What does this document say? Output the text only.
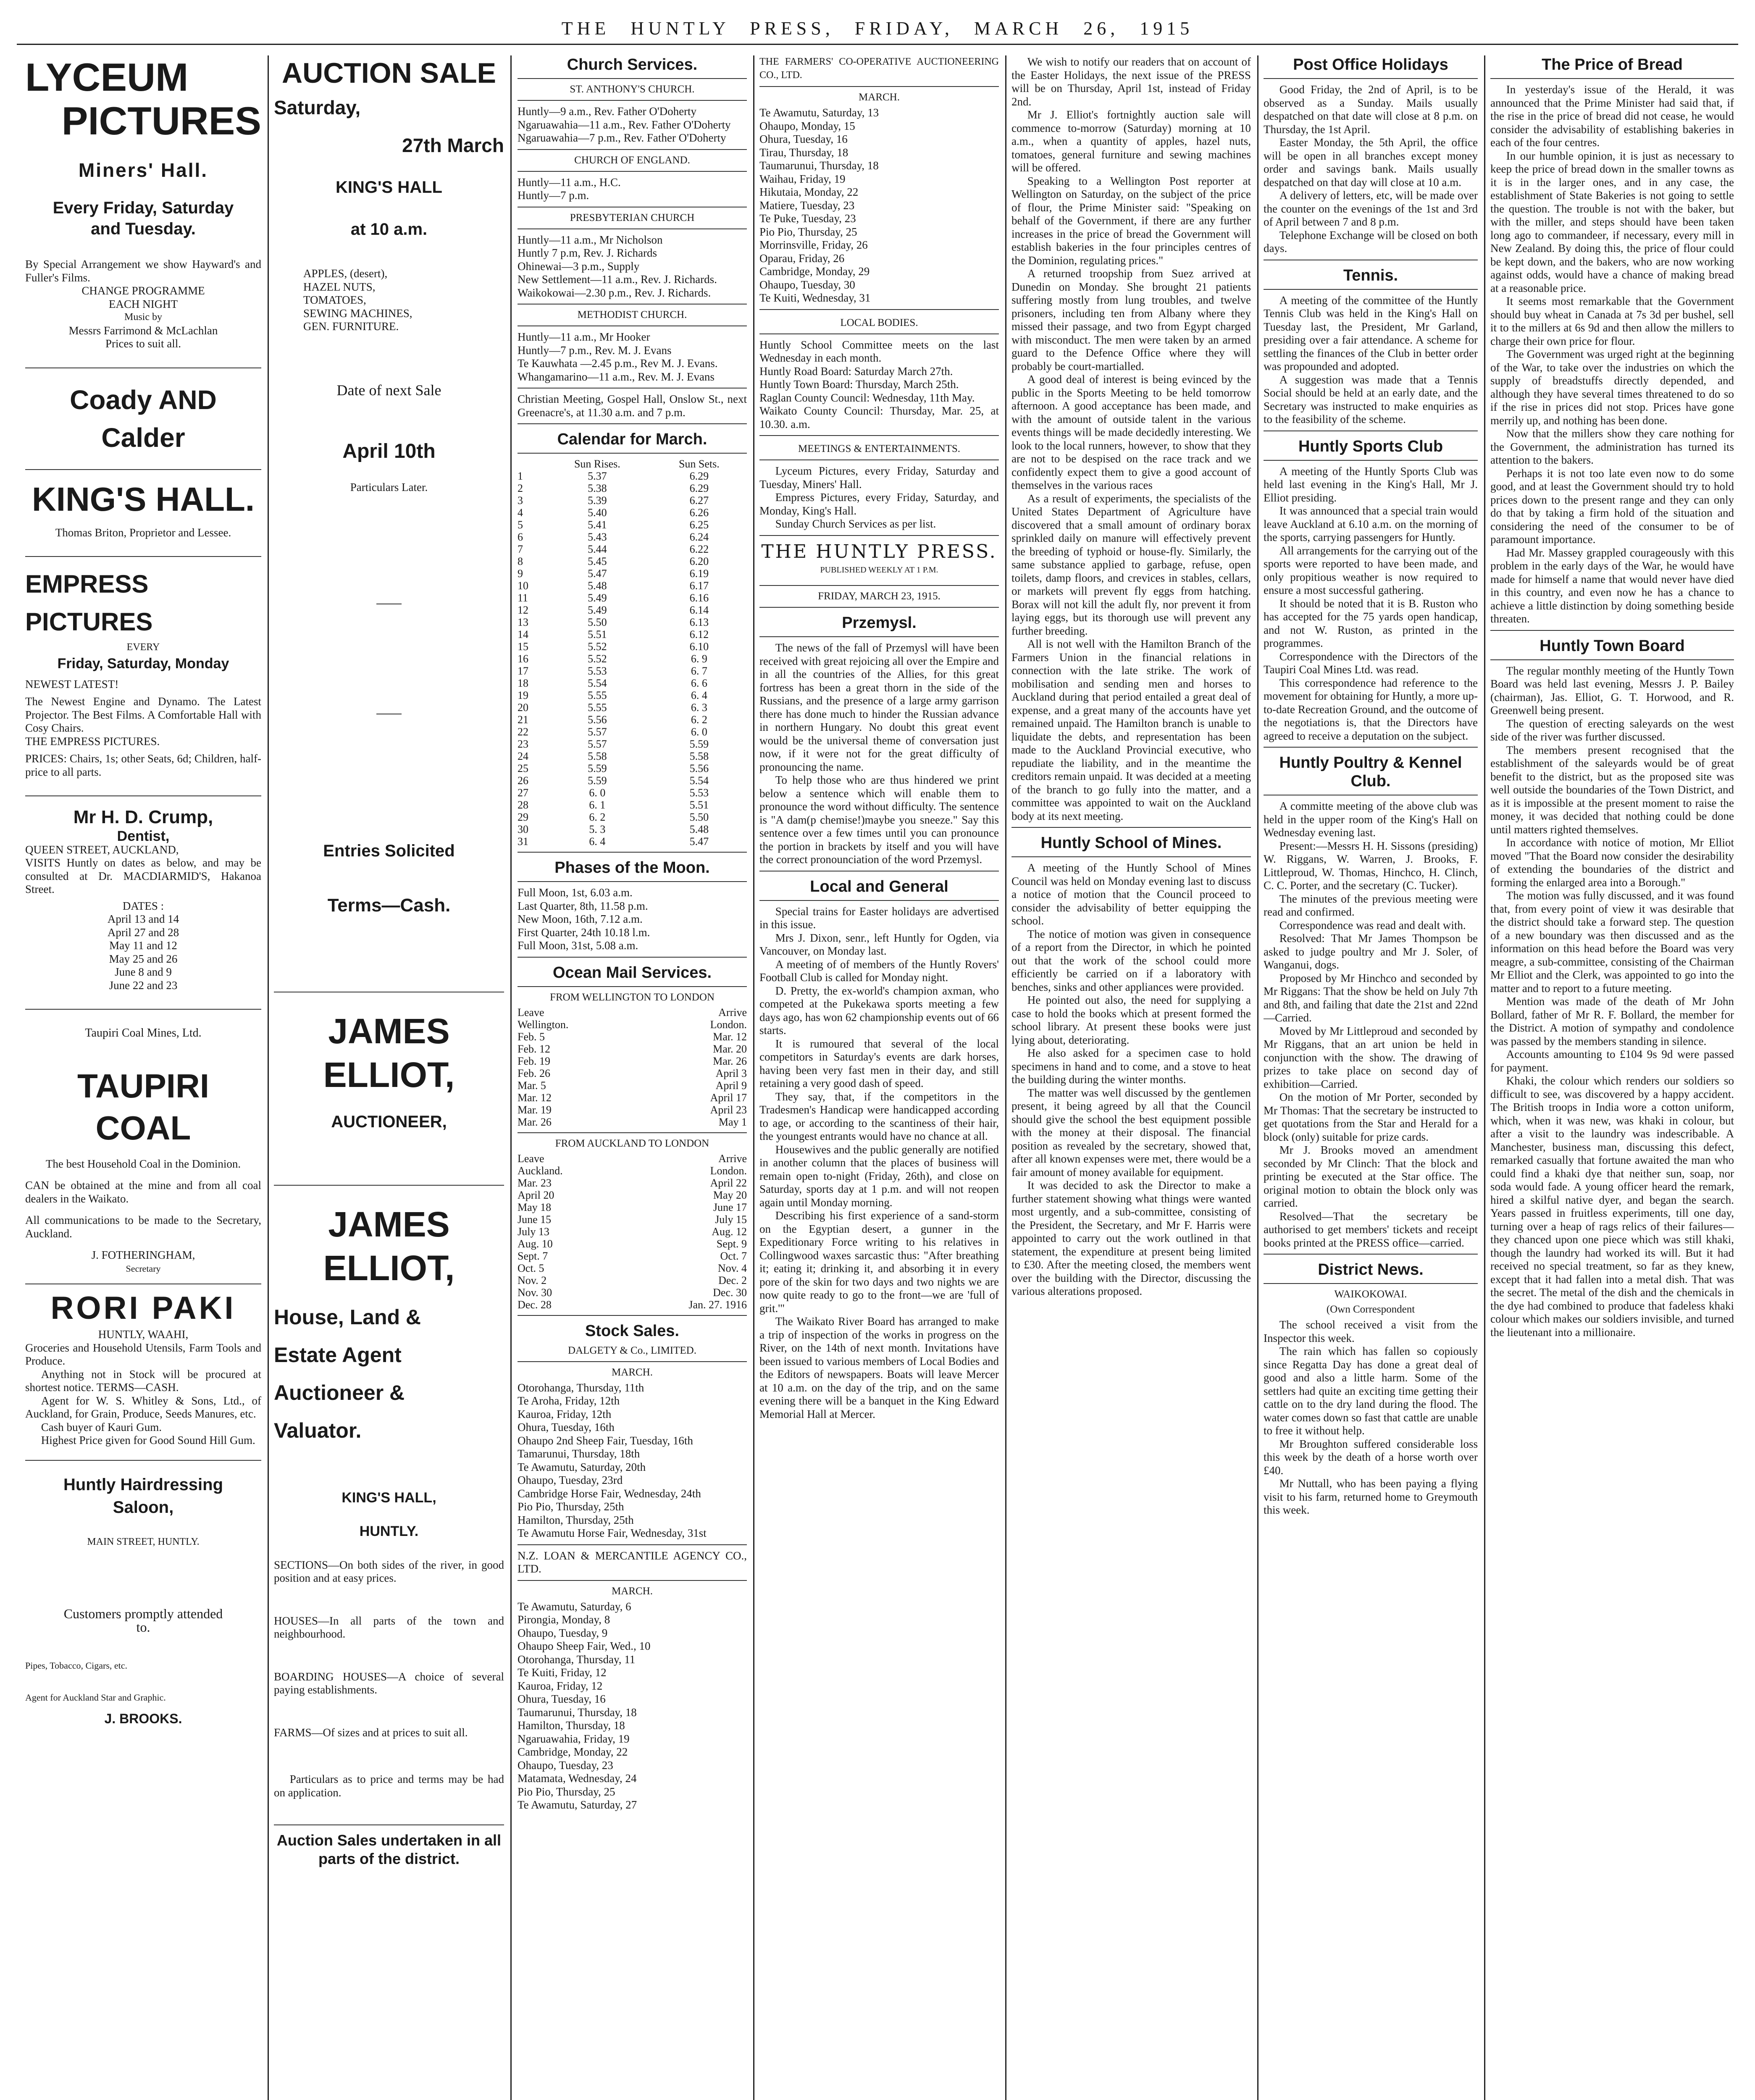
THE HUNTLY PRESS, FRIDAY, MARCH 26, 1915
LYCEUM
PICTURES
Miners' Hall.
Every Friday, Saturday
and Tuesday.

By Special Arrangement we show Hayward's and Fuller's Films.

CHANGE PROGRAMME
EACH NIGHT
Music by
Messrs Farrimond & McLachlan
Prices to suit all.
Coady AND Calder
KING'S HALL.
Thomas Briton, Proprietor and Lessee.
EMPRESS PICTURES
EVERY
Friday, Saturday, Monday
NEWEST LATEST!

The Newest Engine and Dynamo. The Latest Projector. The Best Films. A Comfortable Hall with Cosy Chairs.

THE EMPRESS PICTURES.

PRICES: Chairs, 1s; other Seats, 6d; Children, half-price to all parts.

Mr H. D. Crump,
Dentist,

QUEEN STREET, AUCKLAND,

VISITS Huntly on dates as below, and may be consulted at Dr. MACDIARMID'S, Hakanoa Street.

DATES :
April 13 and 14
April 27 and 28
May 11 and 12
May 25 and 26
June 8 and 9
June 22 and 23
Taupiri Coal Mines, Ltd.
TAUPIRI COAL
The best Household Coal in the Dominion.

CAN be obtained at the mine and from all coal dealers in the Waikato.

All communications to be made to the Secretary, Auckland.

J. FOTHERINGHAM,
Secretary
RORI PAKI
HUNTLY, WAAHI,

Groceries and Household Utensils, Farm Tools and Produce.

Anything not in Stock will be procured at shortest notice. TERMS—CASH.

Agent for W. S. Whitley & Sons, Ltd., of Auckland, for Grain, Produce, Seeds Manures, etc.

Cash buyer of Kauri Gum.

Highest Price given for Good Sound Hill Gum.

Huntly Hairdressing
Saloon,
MAIN STREET, HUNTLY.
Customers promptly attended
to.
Pipes, Tobacco, Cigars, etc.
Agent for Auckland Star and Graphic.
J. BROOKS.
AUCTION SALE
Saturday,
27th March
KING'S HALL
at 10 a.m.
APPLES, (desert),
HAZEL NUTS,
TOMATOES,
SEWING MACHINES,
GEN. FURNITURE.
Date of next Sale
April 10th
Particulars Later.
Entries Solicited
Terms—Cash.
JAMES ELLIOT,
AUCTIONEER,
JAMES ELLIOT,
House, Land &
Estate Agent
Auctioneer &
Valuator.
KING'S HALL,
HUNTLY.

SECTIONS—On both sides of the river, in good position and at easy prices.

HOUSES—In all parts of the town and neighbourhood.

BOARDING HOUSES—A choice of several paying establishments.

FARMS—Of sizes and at prices to suit all.

Particulars as to price and terms may be had on application.

Auction Sales undertaken in all parts of the district.
Church Services.
ST. ANTHONY'S CHURCH.

Huntly—9 a.m., Rev. Father O'Doherty

Ngaruawahia—11 a.m., Rev. Father O'Doherty

Ngaruawahia—7 p.m., Rev. Father O'Doherty

CHURCH OF ENGLAND.

Huntly—11 a.m., H.C.

Huntly—7 p.m.

PRESBYTERIAN CHURCH

Huntly—11 a.m., Mr Nicholson

Huntly 7 p.m, Rev. J. Richards

Ohinewai—3 p.m., Supply

New Settlement—11 a.m., Rev. J. Richards.

Waikokowai—2.30 p.m., Rev. J. Richards.

METHODIST CHURCH.

Huntly—11 a.m., Mr Hooker

Huntly—7 p.m., Rev. M. J. Evans

Te Kauwhata —2.45 p.m., Rev M. J. Evans.

Whangamarino—11 a.m., Rev. M. J. Evans

Christian Meeting, Gospel Hall, Onslow St., next Greenacre's, at 11.30 a.m. and 7 p.m.

Calendar for March.
	Sun Rises.	Sun Sets.
1	5.37	6.29
2	5.38	6.29
3	5.39	6.27
4	5.40	6.26
5	5.41	6.25
6	5.43	6.24
7	5.44	6.22
8	5.45	6.20
9	5.47	6.19
10	5.48	6.17
11	5.49	6.16
12	5.49	6.14
13	5.50	6.13
14	5.51	6.12
15	5.52	6.10
16	5.52	6. 9
17	5.53	6. 7
18	5.54	6. 6
19	5.55	6. 4
20	5.55	6. 3
21	5.56	6. 2
22	5.57	6. 0
23	5.57	5.59
24	5.58	5.58
25	5.59	5.56
26	5.59	5.54
27	6. 0	5.53
28	6. 1	5.51
29	6. 2	5.50
30	5. 3	5.48
31	6. 4	5.47
Phases of the Moon.

Full Moon, 1st, 6.03 a.m.

Last Quarter, 8th, 11.58 p.m.

New Moon, 16th, 7.12 a.m.

First Quarter, 24th 10.18 l.m.

Full Moon, 31st, 5.08 a.m.

Ocean Mail Services.
FROM WELLINGTON TO LONDON
Leave	Arrive
Wellington.	London.
Feb. 5	Mar. 12
Feb. 12	Mar. 20
Feb. 19	Mar. 26
Feb. 26	April 3
Mar. 5	April 9
Mar. 12	April 17
Mar. 19	April 23
Mar. 26	May 1
FROM AUCKLAND TO LONDON
Leave	Arrive
Auckland.	London.
Mar. 23	April 22
April 20	May 20
May 18	June 17
June 15	July 15
July 13	Aug. 12
Aug. 10	Sept. 9
Sept. 7	Oct. 7
Oct. 5	Nov. 4
Nov. 2	Dec. 2
Nov. 30	Dec. 30
Dec. 28	Jan. 27. 1916
Stock Sales.
DALGETY & Co., LIMITED.
MARCH.

Otorohanga, Thursday, 11th

Te Aroha, Friday, 12th

Kauroa, Friday, 12th

Ohura, Tuesday, 16th

Ohaupo 2nd Sheep Fair, Tuesday, 16th

Tamarunui, Thursday, 18th

Te Awamutu, Saturday, 20th

Ohaupo, Tuesday, 23rd

Cambridge Horse Fair, Wednesday, 24th

Pio Pio, Thursday, 25th

Hamilton, Thursday, 25th

Te Awamutu Horse Fair, Wednesday, 31st

N.Z. LOAN & MERCANTILE AGENCY CO., LTD.

MARCH.

Te Awamutu, Saturday, 6

Pirongia, Monday, 8

Ohaupo, Tuesday, 9

Ohaupo Sheep Fair, Wed., 10

Otorohanga, Thursday, 11

Te Kuiti, Friday, 12

Kauroa, Friday, 12

Ohura, Tuesday, 16

Taumarunui, Thursday, 18

Hamilton, Thursday, 18

Ngaruawahia, Friday, 19

Cambridge, Monday, 22

Ohaupo, Tuesday, 23

Matamata, Wednesday, 24

Pio Pio, Thursday, 25

Te Awamutu, Saturday, 27

THE FARMERS' CO-OPERATIVE AUCTIONEERING CO., LTD.

MARCH.

Te Awamutu, Saturday, 13

Ohaupo, Monday, 15

Ohura, Tuesday, 16

Tirau, Thursday, 18

Taumarunui, Thursday, 18

Waihau, Friday, 19

Hikutaia, Monday, 22

Matiere, Tuesday, 23

Te Puke, Tuesday, 23

Pio Pio, Thursday, 25

Morrinsville, Friday, 26

Oparau, Friday, 26

Cambridge, Monday, 29

Ohaupo, Tuesday, 30

Te Kuiti, Wednesday, 31

LOCAL BODIES.

Huntly School Committee meets on the last Wednesday in each month.

Huntly Road Board: Saturday March 27th.

Huntly Town Board: Thursday, March 25th.

Raglan County Council: Wednesday, 11th May.

Waikato County Council: Thursday, Mar. 25, at 10.30. a.m.

MEETINGS & ENTERTAINMENTS.

Lyceum Pictures, every Friday, Saturday and Tuesday, Miners' Hall.

Empress Pictures, every Friday, Saturday, and Monday, King's Hall.

Sunday Church Services as per list.

THE HUNTLY PRESS.
PUBLISHED WEEKLY AT 1 P.M.
FRIDAY, MARCH 23, 1915.
Przemysl.

The news of the fall of Przemysl will have been received with great rejoicing all over the Empire and in all the countries of the Allies, for this great fortress has been a great thorn in the side of the Russians, and the presence of a large army garrison there has done much to hinder the Russian advance in northern Hungary. No doubt this great event would be the universal theme of conversation just now, if it were not for the great difficulty of pronouncing the name.

To help those who are thus hindered we print below a sentence which will enable them to pronounce the word without difficulty. The sentence is "A dam(p chemise!)maybe you sneeze." Say this sentence over a few times until you can pronounce the portion in brackets by itself and you will have the correct pronounciation of the word Przemysl.

Local and General

Special trains for Easter holidays are advertised in this issue.

Mrs J. Dixon, senr., left Huntly for Ogden, via Vancouver, on Monday last.

A meeting of of members of the Huntly Rovers' Football Club is called for Monday night.

D. Pretty, the ex-world's champion axman, who competed at the Pukekawa sports meeting a few days ago, has won 62 championship events out of 66 starts.

It is rumoured that several of the local competitors in Saturday's events are dark horses, having been very fast men in their day, and still retaining a very good dash of speed.

They say, that, if the competitors in the Tradesmen's Handicap were handicapped according to age, or according to the scantiness of their hair, the youngest entrants would have no chance at all.

Housewives and the public generally are notified in another column that the places of business will remain open to-night (Friday, 26th), and close on Saturday, sports day at 1 p.m. and will not reopen again until Monday morning.

Describing his first experience of a sand-storm on the Egyptian desert, a gunner in the Expeditionary Force writing to his relatives in Collingwood waxes sarcastic thus: "After breathing it; eating it; drinking it, and absorbing it in every pore of the skin for two days and two nights we are now quite ready to go to the front—we are 'full of grit.'"

The Waikato River Board has arranged to make a trip of inspection of the works in progress on the River, on the 14th of next month. Invitations have been issued to various members of Local Bodies and the Editors of newspapers. Boats will leave Mercer at 10 a.m. on the day of the trip, and on the same evening there will be a banquet in the King Edward Memorial Hall at Mercer.

We wish to notify our readers that on account of the Easter Holidays, the next issue of the PRESS will be on Thursday, April 1st, instead of Friday 2nd.

Mr J. Elliot's fortnightly auction sale will commence to-morrow (Saturday) morning at 10 a.m., when a quantity of apples, hazel nuts, tomatoes, general furniture and sewing machines will be offered.

Speaking to a Wellington Post reporter at Wellington on Saturday, on the subject of the price of flour, the Prime Minister said: "Speaking on behalf of the Government, if there are any further increases in the price of bread the Government will establish bakeries in the four principles centres of the Dominion, regulating prices."

A returned troopship from Suez arrived at Dunedin on Monday. She brought 21 patients suffering mostly from lung troubles, and twelve prisoners, including ten from Albany where they missed their passage, and two from Egypt charged with misconduct. The men were taken by an armed guard to the Defence Office where they will probably be court-martialled.

A good deal of interest is being evinced by the public in the Sports Meeting to be held tomorrow afternoon. A good acceptance has been made, and with the amount of outside talent in the various events things will be made decidedly interesting. We look to the local runners, however, to show that they are not to be despised on the race track and we confidently expect them to give a good account of themselves in the various races

As a result of experiments, the specialists of the United States Department of Agriculture have discovered that a small amount of ordinary borax sprinkled daily on manure will effectively prevent the breeding of typhoid or house-fly. Similarly, the same substance applied to garbage, refuse, open toilets, damp floors, and crevices in stables, cellars, or markets will prevent fly eggs from hatching. Borax will not kill the adult fly, nor prevent it from laying eggs, but its thorough use will prevent any further breeding.

All is not well with the Hamilton Branch of the Farmers Union in the financial relations in connection with the late strike. The work of mobilisation and sending men and horses to Auckland during that period entailed a great deal of expense, and a great many of the accounts have yet remained unpaid. The Hamilton branch is unable to liquidate the debts, and representation has been made to the Auckland Provincial executive, who repudiate the liability, and in the meantime the creditors remain unpaid. It was decided at a meeting of the branch to go fully into the matter, and a committee was appointed to wait on the Auckland body at its next meeting.

Huntly School of Mines.

A meeting of the Huntly School of Mines Council was held on Monday evening last to discuss a notice of motion that the Council proceed to consider the advisability of better equipping the school.

The notice of motion was given in consequence of a report from the Director, in which he pointed out that the work of the school could more efficiently be carried on if a laboratory with benches, sinks and other appliances were provided.

He pointed out also, the need for supplying a case to hold the books which at present formed the school library. At present these books were just lying about, deteriorating.

He also asked for a specimen case to hold specimens in hand and to come, and a stove to heat the building during the winter months.

The matter was well discussed by the gentlemen present, it being agreed by all that the Council should give the school the best equipment possible with the money at their disposal. The financial position as revealed by the secretary, showed that, after all known expenses were met, there would be a fair amount of money available for equipment.

It was decided to ask the Director to make a further statement showing what things were wanted most urgently, and a sub-committee, consisting of the President, the Secretary, and Mr F. Harris were appointed to carry out the work outlined in that statement, the expenditure at present being limited to £30. After the meeting closed, the members went over the building with the Director, discussing the various alterations proposed.

Post Office Holidays

Good Friday, the 2nd of April, is to be observed as a Sunday. Mails usually despatched on that date will close at 8 p.m. on Thursday, the 1st April.

Easter Monday, the 5th April, the office will be open in all branches except money order and savings bank. Mails usually despatched on that day will close at 10 a.m.

A delivery of letters, etc, will be made over the counter on the evenings of the 1st and 3rd of April between 7 and 8 p.m.

Telephone Exchange will be closed on both days.

Tennis.

A meeting of the committee of the Huntly Tennis Club was held in the King's Hall on Tuesday last, the President, Mr Garland, presiding over a fair attendance. A scheme for settling the finances of the Club in better order was propounded and adopted.

A suggestion was made that a Tennis Social should be held at an early date, and the Secretary was instructed to make enquiries as to the feasibility of the scheme.

Huntly Sports Club

A meeting of the Huntly Sports Club was held last evening in the King's Hall, Mr J. Elliot presiding.

It was announced that a special train would leave Auckland at 6.10 a.m. on the morning of the sports, carrying passengers for Huntly.

All arrangements for the carrying out of the sports were reported to have been made, and only propitious weather is now required to ensure a most successful gathering.

It should be noted that it is B. Ruston who has accepted for the 75 yards open handicap, and not W. Ruston, as printed in the programmes.

Correspondence with the Directors of the Taupiri Coal Mines Ltd. was read.

This correspondence had reference to the movement for obtaining for Huntly, a more up-to-date Recreation Ground, and the outcome of the negotiations is, that the Directors have agreed to receive a deputation on the subject.

Huntly Poultry & Kennel Club.

A committe meeting of the above club was held in the upper room of the King's Hall on Wednesday evening last.

Present:—Messrs H. H. Sissons (presiding) W. Riggans, W. Warren, J. Brooks, F. Littleproud, W. Thomas, Hinchco, H. Clinch, C. C. Porter, and the secretary (C. Tucker).

The minutes of the previous meeting were read and confirmed.

Correspondence was read and dealt with.

Resolved: That Mr James Thompson be asked to judge poultry and Mr J. Soler, of Wanganui, dogs.

Proposed by Mr Hinchco and seconded by Mr Riggans: That the show be held on July 7th and 8th, and failing that date the 21st and 22nd—Carried.

Moved by Mr Littleproud and seconded by Mr Riggans, that an art union be held in conjunction with the show. The drawing of prizes to take place on second day of exhibition—Carried.

On the motion of Mr Porter, seconded by Mr Thomas: That the secretary be instructed to get quotations from the Star and Herald for a block (only) suitable for prize cards.

Mr J. Brooks moved an amendment seconded by Mr Clinch: That the block and printing be executed at the Star office. The original motion to obtain the block only was carried.

Resolved—That the secretary be authorised to get members' tickets and receipt books printed at the PRESS office—carried.

District News.
WAIKOKOWAI.
(Own Correspondent

The school received a visit from the Inspector this week.

The rain which has fallen so copiously since Regatta Day has done a great deal of good and also a little harm. Some of the settlers had quite an exciting time getting their cattle on to the dry land during the flood. The water comes down so fast that cattle are unable to free it without help.

Mr Broughton suffered considerable loss this week by the death of a horse worth over £40.

Mr Nuttall, who has been paying a flying visit to his farm, returned home to Greymouth this week.

The Price of Bread

In yesterday's issue of the Herald, it was announced that the Prime Minister had said that, if the rise in the price of bread did not cease, he would consider the advisability of establishing bakeries in each of the four centres.

In our humble opinion, it is just as necessary to keep the price of bread down in the smaller towns as it is in the larger ones, and in any case, the establishment of State Bakeries is not going to settle the question. The trouble is not with the baker, but with the miller, and steps should have been taken long ago to commandeer, if necessary, every mill in New Zealand. By doing this, the price of flour could be kept down, and the bakers, who are now working against odds, would have a chance of making bread at a reasonable price.

It seems most remarkable that the Government should buy wheat in Canada at 7s 3d per bushel, sell it to the millers at 6s 9d and then allow the millers to charge their own price for flour.

The Government was urged right at the beginning of the War, to take over the industries on which the supply of breadstuffs directly depended, and although they have several times threatened to do so if the rise in prices did not stop. Prices have gone merrily up, and nothing has been done.

Now that the millers show they care nothing for the Government, the administration has turned its attention to the bakers.

Perhaps it is not too late even now to do some good, and at least the Government should try to hold prices down to the present range and they can only do that by taking a firm hold of the situation and considering the need of the consumer to be of paramount importance.

Had Mr. Massey grappled courageously with this problem in the early days of the War, he would have made for himself a name that would never have died in this country, and even now he has a chance to achieve a little distinction by doing something beside threaten.

Huntly Town Board

The regular monthly meeting of the Huntly Town Board was held last evening, Messrs J. P. Bailey (chairman), Jas. Elliot, G. T. Horwood, and R. Greenwell being present.

The question of erecting saleyards on the west side of the river was further discussed.

The members present recognised that the establishment of the saleyards would be of great benefit to the district, but as the proposed site was well outside the boundaries of the Town District, and as it is impossible at the present moment to raise the money, it was decided that nothing could be done until matters righted themselves.

In accordance with notice of motion, Mr Elliot moved "That the Board now consider the desirability of extending the boundaries of the district and forming the enlarged area into a Borough."

The motion was fully discussed, and it was found that, from every point of view it was desirable that the district should take a forward step. The question of a new boundary was then discussed and as the information on this head before the Board was very meagre, a sub-committee, consisting of the Chairman Mr Elliot and the Clerk, was appointed to go into the matter and to report to a future meeting.

Mention was made of the death of Mr John Bollard, father of Mr R. F. Bollard, the member for the District. A motion of sympathy and condolence was passed by the members standing in silence.

Accounts amounting to £104 9s 9d were passed for payment.

Khaki, the colour which renders our soldiers so difficult to see, was discovered by a happy accident. The British troops in India wore a cotton uniform, which, when it was new, was khaki in colour, but after a visit to the laundry was indescribable. A Manchester, business man, discussing this defect, remarked casually that fortune awaited the man who could find a khaki dye that neither sun, soap, nor soda would fade. A young officer heard the remark, hired a skilful native dyer, and began the search. Years passed in fruitless experiments, till one day, turning over a heap of rags relics of their failures—they chanced upon one piece which was still khaki, though the laundry had worked its will. But it had received no special treatment, so far as they knew, except that it had fallen into a metal dish. That was the secret. The metal of the dish and the chemicals in the dye had combined to produce that fadeless khaki colour which makes our soldiers invisible, and turned the lieutenant into a millionaire.
